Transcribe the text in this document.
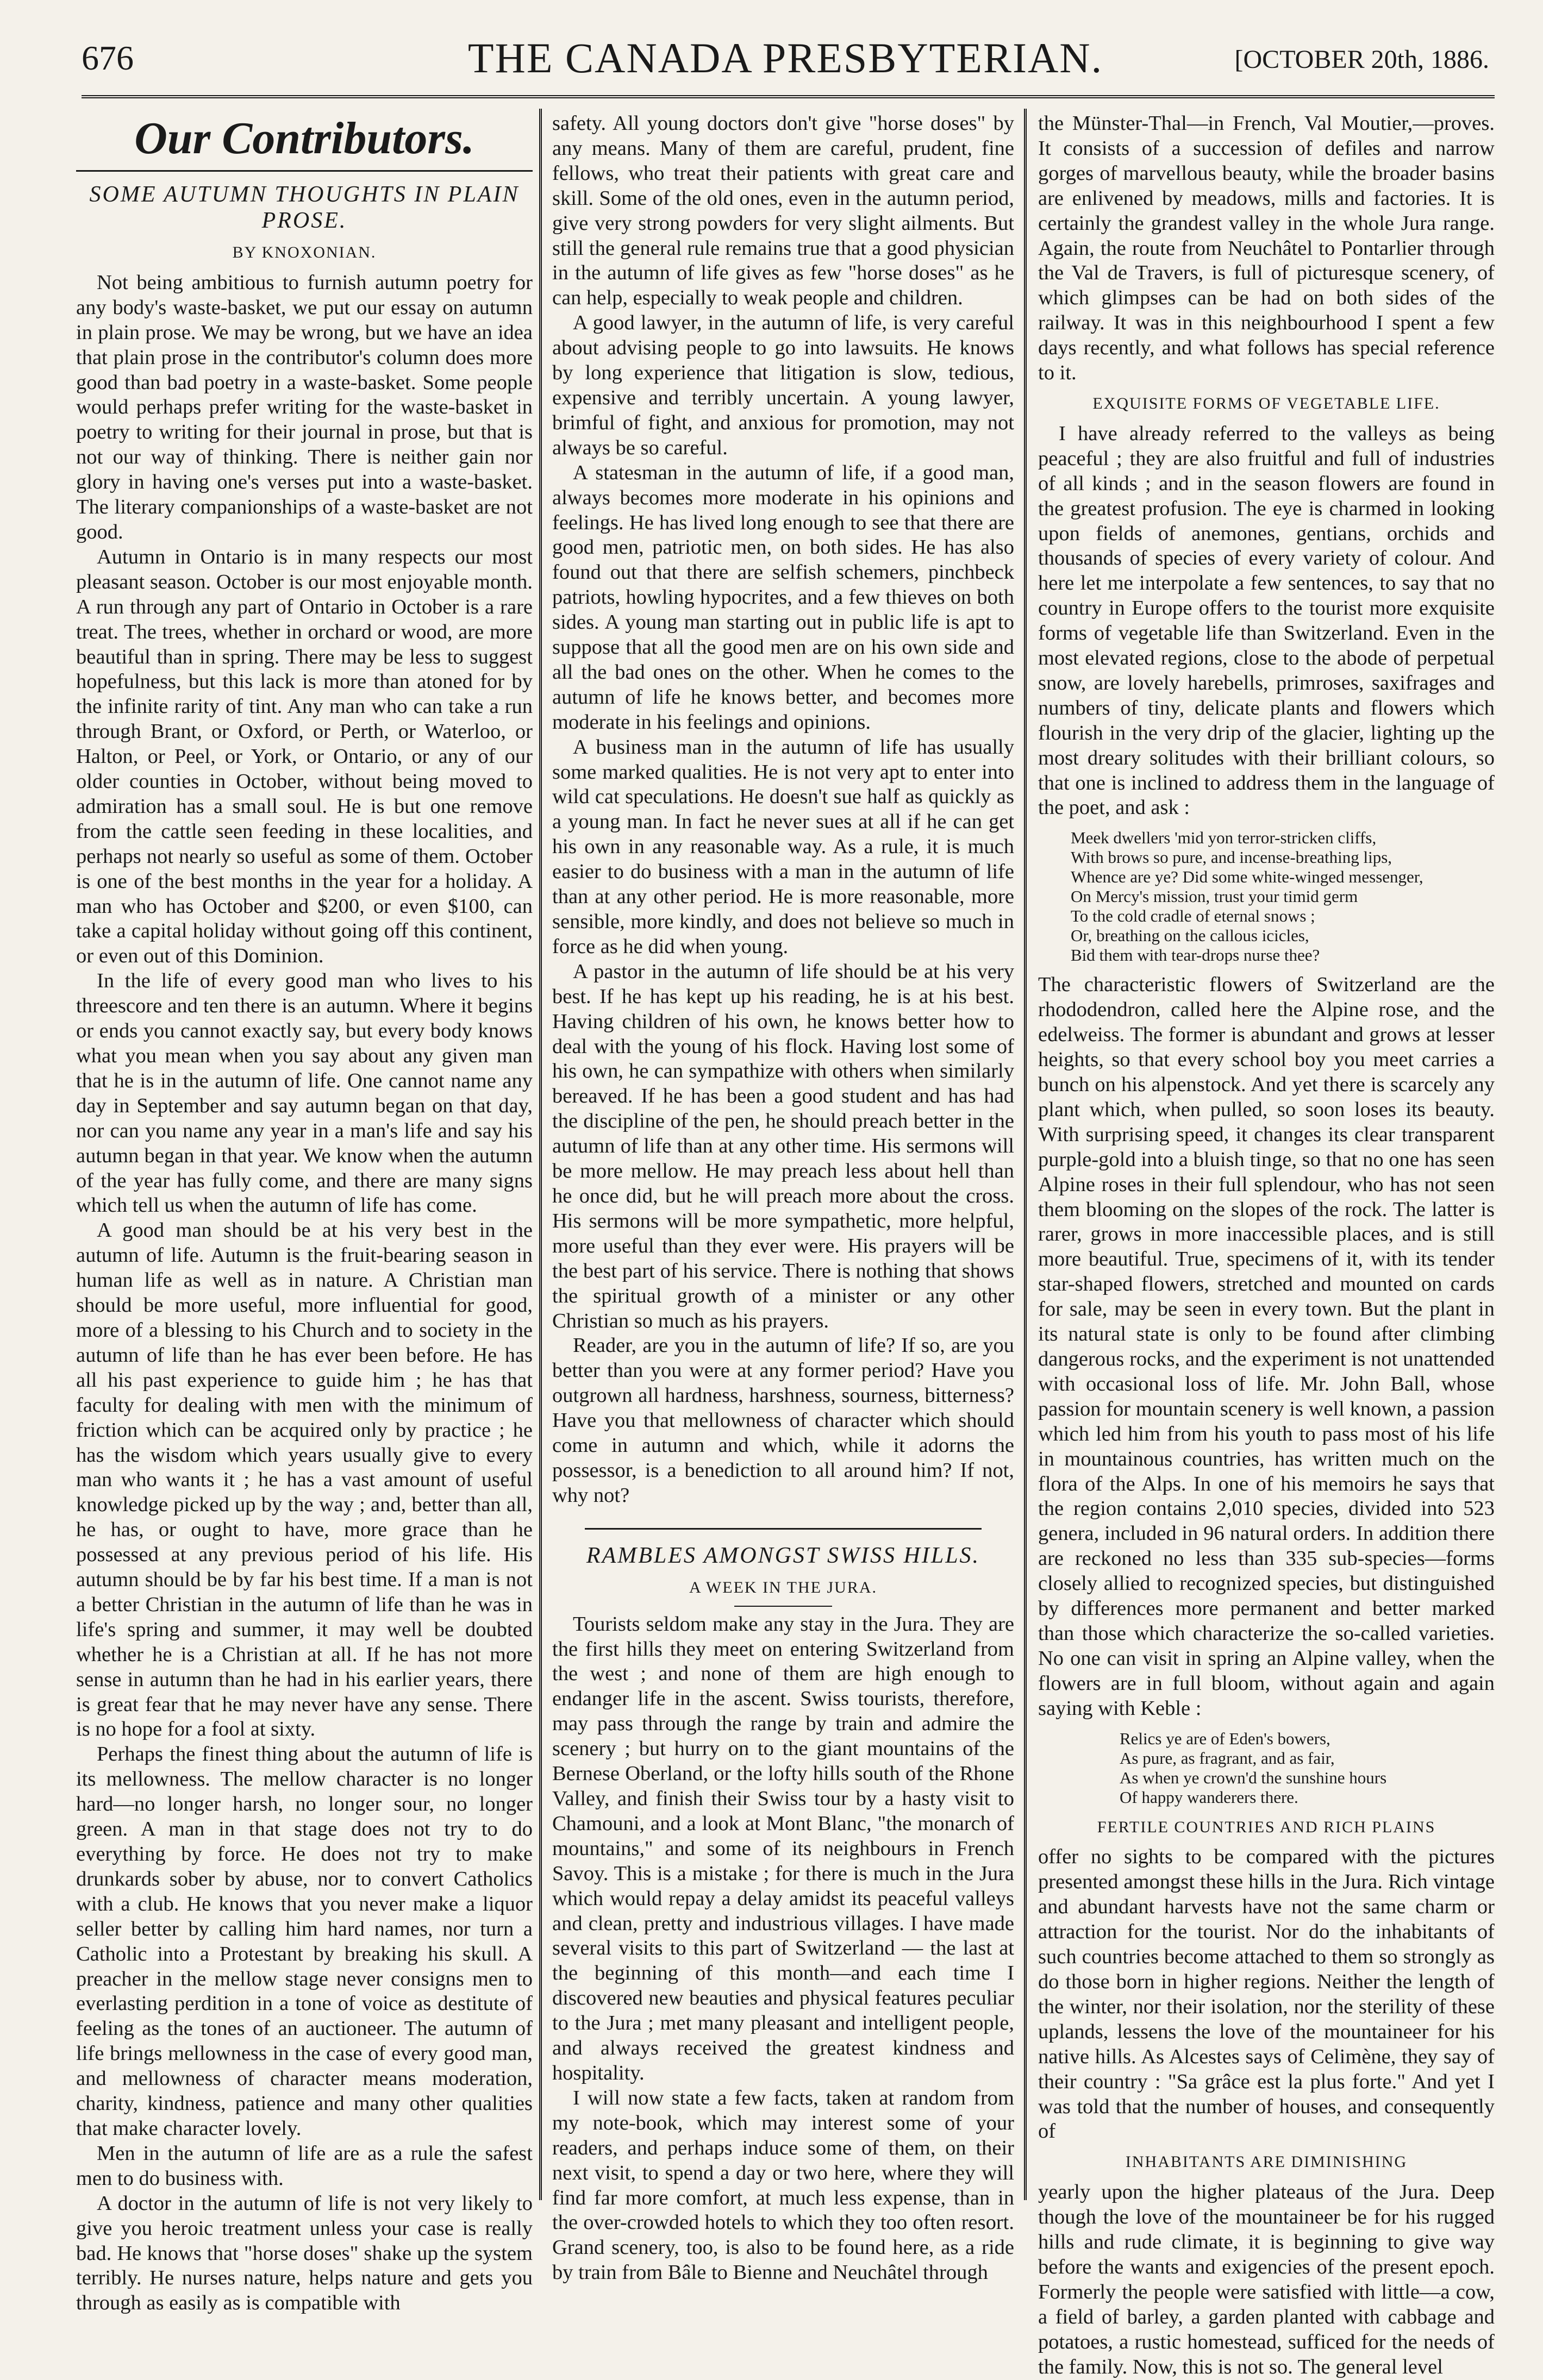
676	THE CANADA PRESBYTERIAN.	[OCTOBER 20th, 1886.
Our Contributors.
SOME AUTUMN THOUGHTS IN PLAIN PROSE.
BY KNOXONIAN.

Not being ambitious to furnish autumn poetry for any body's waste-basket, we put our essay on autumn in plain prose. We may be wrong, but we have an idea that plain prose in the contributor's column does more good than bad poetry in a waste-basket. Some people would perhaps prefer writing for the waste-basket in poetry to writing for their journal in prose, but that is not our way of thinking. There is neither gain nor glory in having one's verses put into a waste-basket. The literary companionships of a waste-basket are not good.

Autumn in Ontario is in many respects our most pleasant season. October is our most enjoyable month. A run through any part of Ontario in October is a rare treat. The trees, whether in orchard or wood, are more beautiful than in spring. There may be less to suggest hopefulness, but this lack is more than atoned for by the infinite rarity of tint. Any man who can take a run through Brant, or Oxford, or Perth, or Waterloo, or Halton, or Peel, or York, or Ontario, or any of our older counties in October, without being moved to admiration has a small soul. He is but one remove from the cattle seen feeding in these localities, and perhaps not nearly so useful as some of them. October is one of the best months in the year for a holiday. A man who has October and $200, or even $100, can take a capital holiday without going off this continent, or even out of this Dominion.

In the life of every good man who lives to his threescore and ten there is an autumn. Where it begins or ends you cannot exactly say, but every body knows what you mean when you say about any given man that he is in the autumn of life. One cannot name any day in September and say autumn began on that day, nor can you name any year in a man's life and say his autumn began in that year. We know when the autumn of the year has fully come, and there are many signs which tell us when the autumn of life has come.

A good man should be at his very best in the autumn of life. Autumn is the fruit-bearing season in human life as well as in nature. A Christian man should be more useful, more influential for good, more of a blessing to his Church and to society in the autumn of life than he has ever been before. He has all his past experience to guide him ; he has that faculty for dealing with men with the minimum of friction which can be acquired only by practice ; he has the wisdom which years usually give to every man who wants it ; he has a vast amount of useful knowledge picked up by the way ; and, better than all, he has, or ought to have, more grace than he possessed at any previous period of his life. His autumn should be by far his best time. If a man is not a better Christian in the autumn of life than he was in life's spring and summer, it may well be doubted whether he is a Christian at all. If he has not more sense in autumn than he had in his earlier years, there is great fear that he may never have any sense. There is no hope for a fool at sixty.

Perhaps the finest thing about the autumn of life is its mellowness. The mellow character is no longer hard—no longer harsh, no longer sour, no longer green. A man in that stage does not try to do everything by force. He does not try to make drunkards sober by abuse, nor to convert Catholics with a club. He knows that you never make a liquor seller better by calling him hard names, nor turn a Catholic into a Protestant by breaking his skull. A preacher in the mellow stage never consigns men to everlasting perdition in a tone of voice as destitute of feeling as the tones of an auctioneer. The autumn of life brings mellowness in the case of every good man, and mellowness of character means moderation, charity, kindness, patience and many other qualities that make character lovely.

Men in the autumn of life are as a rule the safest men to do business with.

A doctor in the autumn of life is not very likely to give you heroic treatment unless your case is really bad. He knows that "horse doses" shake up the system terribly. He nurses nature, helps nature and gets you through as easily as is compatible with

safety. All young doctors don't give "horse doses" by any means. Many of them are careful, prudent, fine fellows, who treat their patients with great care and skill. Some of the old ones, even in the autumn period, give very strong powders for very slight ailments. But still the general rule remains true that a good physician in the autumn of life gives as few "horse doses" as he can help, especially to weak people and children.

A good lawyer, in the autumn of life, is very careful about advising people to go into lawsuits. He knows by long experience that litigation is slow, tedious, expensive and terribly uncertain. A young lawyer, brimful of fight, and anxious for promotion, may not always be so careful.

A statesman in the autumn of life, if a good man, always becomes more moderate in his opinions and feelings. He has lived long enough to see that there are good men, patriotic men, on both sides. He has also found out that there are selfish schemers, pinchbeck patriots, howling hypocrites, and a few thieves on both sides. A young man starting out in public life is apt to suppose that all the good men are on his own side and all the bad ones on the other. When he comes to the autumn of life he knows better, and becomes more moderate in his feelings and opinions.

A business man in the autumn of life has usually some marked qualities. He is not very apt to enter into wild cat speculations. He doesn't sue half as quickly as a young man. In fact he never sues at all if he can get his own in any reasonable way. As a rule, it is much easier to do business with a man in the autumn of life than at any other period. He is more reasonable, more sensible, more kindly, and does not believe so much in force as he did when young.

A pastor in the autumn of life should be at his very best. If he has kept up his reading, he is at his best. Having children of his own, he knows better how to deal with the young of his flock. Having lost some of his own, he can sympathize with others when similarly bereaved. If he has been a good student and has had the discipline of the pen, he should preach better in the autumn of life than at any other time. His sermons will be more mellow. He may preach less about hell than he once did, but he will preach more about the cross. His sermons will be more sympathetic, more helpful, more useful than they ever were. His prayers will be the best part of his service. There is nothing that shows the spiritual growth of a minister or any other Christian so much as his prayers.

Reader, are you in the autumn of life? If so, are you better than you were at any former period? Have you outgrown all hardness, harshness, sourness, bitterness? Have you that mellowness of character which should come in autumn and which, while it adorns the possessor, is a benediction to all around him? If not, why not?

RAMBLES AMONGST SWISS HILLS.
A WEEK IN THE JURA.

Tourists seldom make any stay in the Jura. They are the first hills they meet on entering Switzerland from the west ; and none of them are high enough to endanger life in the ascent. Swiss tourists, therefore, may pass through the range by train and admire the scenery ; but hurry on to the giant mountains of the Bernese Oberland, or the lofty hills south of the Rhone Valley, and finish their Swiss tour by a hasty visit to Chamouni, and a look at Mont Blanc, "the monarch of mountains," and some of its neighbours in French Savoy. This is a mistake ; for there is much in the Jura which would repay a delay amidst its peaceful valleys and clean, pretty and industrious villages. I have made several visits to this part of Switzerland — the last at the beginning of this month—and each time I discovered new beauties and physical features peculiar to the Jura ; met many pleasant and intelligent people, and always received the greatest kindness and hospitality.

I will now state a few facts, taken at random from my note-book, which may interest some of your readers, and perhaps induce some of them, on their next visit, to spend a day or two here, where they will find far more comfort, at much less expense, than in the over-crowded hotels to which they too often resort. Grand scenery, too, is also to be found here, as a ride by train from Bâle to Bienne and Neuchâtel through

the Münster-Thal—in French, Val Moutier,—proves. It consists of a succession of defiles and narrow gorges of marvellous beauty, while the broader basins are enlivened by meadows, mills and factories. It is certainly the grandest valley in the whole Jura range. Again, the route from Neuchâtel to Pontarlier through the Val de Travers, is full of picturesque scenery, of which glimpses can be had on both sides of the railway. It was in this neighbourhood I spent a few days recently, and what follows has special reference to it.

EXQUISITE FORMS OF VEGETABLE LIFE.

I have already referred to the valleys as being peaceful ; they are also fruitful and full of industries of all kinds ; and in the season flowers are found in the greatest profusion. The eye is charmed in looking upon fields of anemones, gentians, orchids and thousands of species of every variety of colour. And here let me interpolate a few sentences, to say that no country in Europe offers to the tourist more exquisite forms of vegetable life than Switzerland. Even in the most elevated regions, close to the abode of perpetual snow, are lovely harebells, primroses, saxifrages and numbers of tiny, delicate plants and flowers which flourish in the very drip of the glacier, lighting up the most dreary solitudes with their brilliant colours, so that one is inclined to address them in the language of the poet, and ask :

Meek dwellers 'mid yon terror-stricken cliffs,
With brows so pure, and incense-breathing lips,
Whence are ye? Did some white-winged messenger,
On Mercy's mission, trust your timid germ
To the cold cradle of eternal snows ;
Or, breathing on the callous icicles,
Bid them with tear-drops nurse thee?

The characteristic flowers of Switzerland are the rhododendron, called here the Alpine rose, and the edelweiss. The former is abundant and grows at lesser heights, so that every school boy you meet carries a bunch on his alpenstock. And yet there is scarcely any plant which, when pulled, so soon loses its beauty. With surprising speed, it changes its clear transparent purple-gold into a bluish tinge, so that no one has seen Alpine roses in their full splendour, who has not seen them blooming on the slopes of the rock. The latter is rarer, grows in more inaccessible places, and is still more beautiful. True, specimens of it, with its tender star-shaped flowers, stretched and mounted on cards for sale, may be seen in every town. But the plant in its natural state is only to be found after climbing dangerous rocks, and the experiment is not unattended with occasional loss of life. Mr. John Ball, whose passion for mountain scenery is well known, a passion which led him from his youth to pass most of his life in mountainous countries, has written much on the flora of the Alps. In one of his memoirs he says that the region contains 2,010 species, divided into 523 genera, included in 96 natural orders. In addition there are reckoned no less than 335 sub-species—forms closely allied to recognized species, but distinguished by differences more permanent and better marked than those which characterize the so-called varieties. No one can visit in spring an Alpine valley, when the flowers are in full bloom, without again and again saying with Keble :

Relics ye are of Eden's bowers,
As pure, as fragrant, and as fair,
As when ye crown'd the sunshine hours
Of happy wanderers there.
FERTILE COUNTRIES AND RICH PLAINS

offer no sights to be compared with the pictures presented amongst these hills in the Jura. Rich vintage and abundant harvests have not the same charm or attraction for the tourist. Nor do the inhabitants of such countries become attached to them so strongly as do those born in higher regions. Neither the length of the winter, nor their isolation, nor the sterility of these uplands, lessens the love of the mountaineer for his native hills. As Alcestes says of Celimène, they say of their country : "Sa grâce est la plus forte." And yet I was told that the number of houses, and consequently of

INHABITANTS ARE DIMINISHING

yearly upon the higher plateaus of the Jura. Deep though the love of the mountaineer be for his rugged hills and rude climate, it is beginning to give way before the wants and exigencies of the present epoch. Formerly the people were satisfied with little—a cow, a field of barley, a garden planted with cabbage and potatoes, a rustic homestead, sufficed for the needs of the family. Now, this is not so. The general level
